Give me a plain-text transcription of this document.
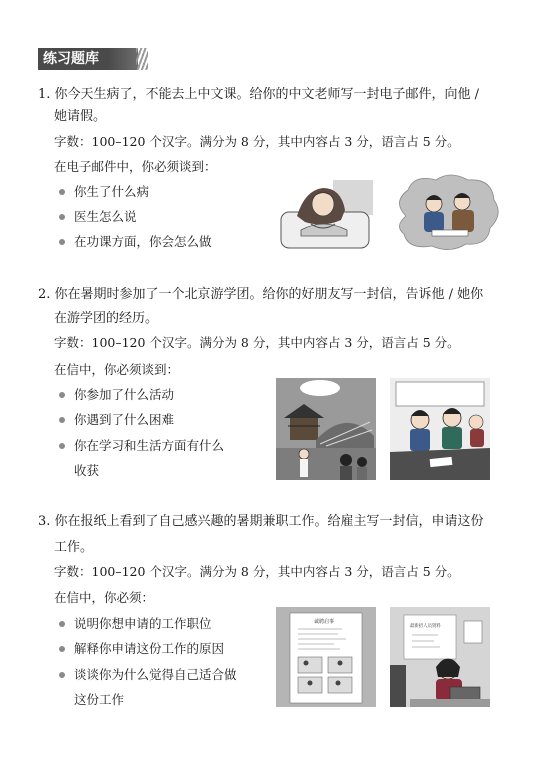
练习题库
1. 你今天生病了，不能去上中文课。给你的中文老师写一封电子邮件，向他 /
她请假。
字数：100–120 个汉字。满分为 8 分，其中内容占 3 分，语言占 5 分。
在电子邮件中，你必须谈到：
你生了什么病
医生怎么说
在功课方面，你会怎么做
2. 你在暑期时参加了一个北京游学团。给你的好朋友写一封信，告诉他 / 她你
在游学团的经历。
字数：100–120 个汉字。满分为 8 分，其中内容占 3 分，语言占 5 分。
在信中，你必须谈到：
你参加了什么活动
你遇到了什么困难
你在学习和生活方面有什么
收获
3. 你在报纸上看到了自己感兴趣的暑期兼职工作。给雇主写一封信，申请这份
工作。
字数：100–120 个汉字。满分为 8 分，其中内容占 3 分，语言占 5 分。
在信中，你必须：
说明你想申请的工作职位
解释你申请这份工作的原因
谈谈你为什么觉得自己适合做
这份工作
诚聘启事
最新招人员资料
